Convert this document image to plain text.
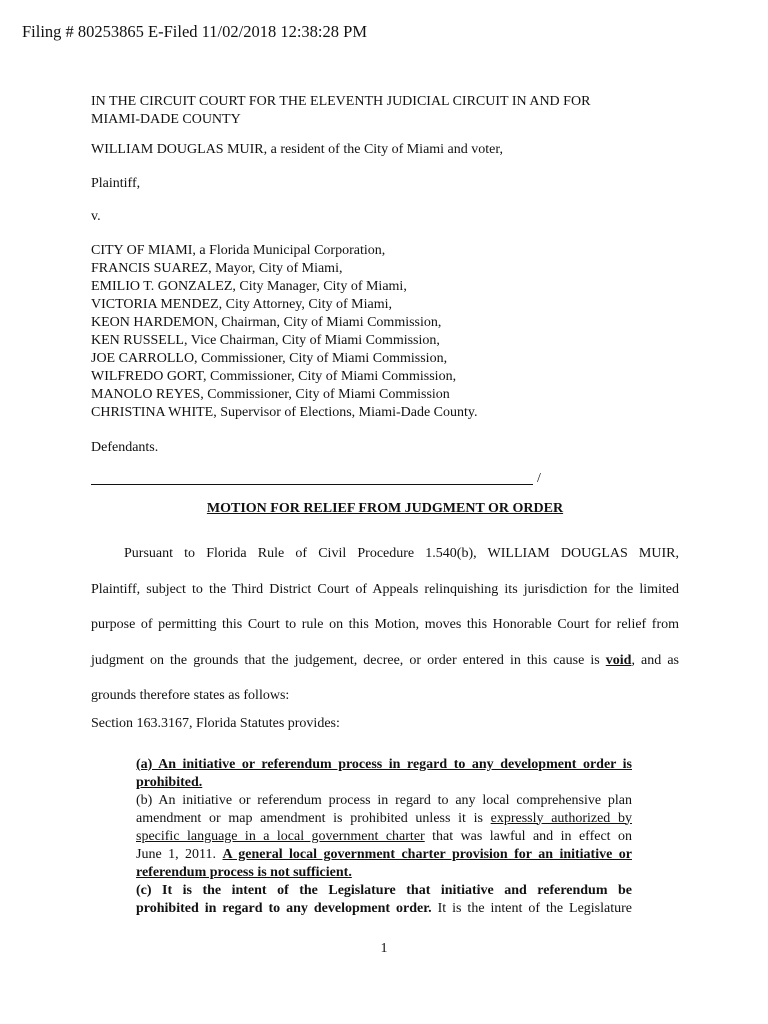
Filing # 80253865 E-Filed 11/02/2018 12:38:28 PM
IN THE CIRCUIT COURT FOR THE ELEVENTH JUDICIAL CIRCUIT IN AND FOR
MIAMI-DADE COUNTY
WILLIAM DOUGLAS MUIR, a resident of the City of Miami and voter,
Plaintiff,
v.
CITY OF MIAMI, a Florida Municipal Corporation,
FRANCIS SUAREZ, Mayor, City of Miami,
EMILIO T. GONZALEZ, City Manager, City of Miami,
VICTORIA MENDEZ, City Attorney, City of Miami,
KEON HARDEMON, Chairman, City of Miami Commission,
KEN RUSSELL, Vice Chairman, City of Miami Commission,
JOE CARROLLO, Commissioner, City of Miami Commission,
WILFREDO GORT, Commissioner, City of Miami Commission,
MANOLO REYES, Commissioner, City of Miami Commission
CHRISTINA WHITE, Supervisor of Elections, Miami-Dade County.
Defendants.
/
MOTION FOR RELIEF FROM JUDGMENT OR ORDER
Pursuant to Florida Rule of Civil Procedure 1.540(b), WILLIAM DOUGLAS MUIR,
Plaintiff, subject to the Third District Court of Appeals relinquishing its jurisdiction for the limited
purpose of permitting this Court to rule on this Motion, moves this Honorable Court for relief from
judgment on the grounds that the judgement, decree, or order entered in this cause is void, and as
grounds therefore states as follows:
Section 163.3167, Florida Statutes provides:
(a) An initiative or referendum process in regard to any development order is
prohibited.
(b) An initiative or referendum process in regard to any local comprehensive plan
amendment or map amendment is prohibited unless it is expressly authorized by
specific language in a local government charter that was lawful and in effect on
June 1, 2011. A general local government charter provision for an initiative or
referendum process is not sufficient.
(c) It is the intent of the Legislature that initiative and referendum be
prohibited in regard to any development order. It is the intent of the Legislature
1
